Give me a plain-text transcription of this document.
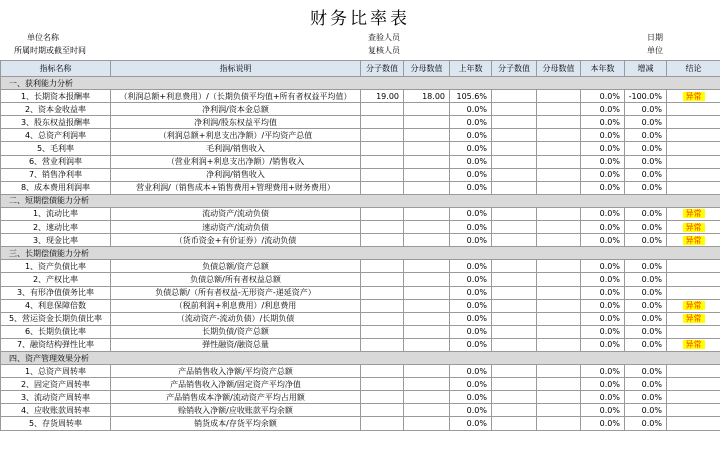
财务比率表
单位名称
所属时期或截至时间
查验人员
复核人员
日期
单位
指标名称	指标说明	分子数值	分母数值	上年数	分子数值	分母数值	本年数	增减	结论
一、获利能力分析									
1、长期资本报酬率	（利润总额+利息费用）/（长期负债平均值+所有者权益平均值）	19.00	18.00	105.6%			0.0%	-100.0%	异常
2、资本金收益率	净利润/资本金总额			0.0%			0.0%	0.0%	
3、股东权益报酬率	净利润/股东权益平均值			0.0%			0.0%	0.0%	
4、总资产利润率	（利润总额+利息支出净额）/平均资产总值			0.0%			0.0%	0.0%	
5、毛利率	毛利润/销售收入			0.0%			0.0%	0.0%	
6、营业利润率	（营业利润+利息支出净额）/销售收入			0.0%			0.0%	0.0%	
7、销售净利率	净利润/销售收入			0.0%			0.0%	0.0%	
8、成本费用利润率	营业利润/（销售成本+销售费用+管理费用+财务费用）			0.0%			0.0%	0.0%	
二、短期偿债能力分析									
1、流动比率	流动资产/流动负债			0.0%			0.0%	0.0%	异常
2、速动比率	速动资产/流动负债			0.0%			0.0%	0.0%	异常
3、现金比率	（货币资金+有价证券）/流动负债			0.0%			0.0%	0.0%	异常
三、长期偿债能力分析									
1、资产负债比率	负债总额/资产总额			0.0%			0.0%	0.0%	
2、产权比率	负债总额/所有者权益总额			0.0%			0.0%	0.0%	
3、有形净值债务比率	负债总额/（所有者权益-无形资产-递延资产）			0.0%			0.0%	0.0%	
4、利息保障倍数	（税前利润+利息费用）/利息费用			0.0%			0.0%	0.0%	异常
5、营运资金长期负债比率	（流动资产-流动负债）/长期负债			0.0%			0.0%	0.0%	异常
6、长期负债比率	长期负债/资产总额			0.0%			0.0%	0.0%	
7、融资结构弹性比率	弹性融资/融资总量			0.0%			0.0%	0.0%	异常
四、资产管理效果分析									
1、总资产周转率	产品销售收入净额/平均资产总额			0.0%			0.0%	0.0%	
2、固定资产周转率	产品销售收入净额/固定资产平均净值			0.0%			0.0%	0.0%	
3、流动资产周转率	产品销售成本净额/流动资产平均占用额			0.0%			0.0%	0.0%	
4、应收账款周转率	赊销收入净额/应收账款平均余额			0.0%			0.0%	0.0%	
5、存货周转率	销货成本/存货平均余额			0.0%			0.0%	0.0%	
